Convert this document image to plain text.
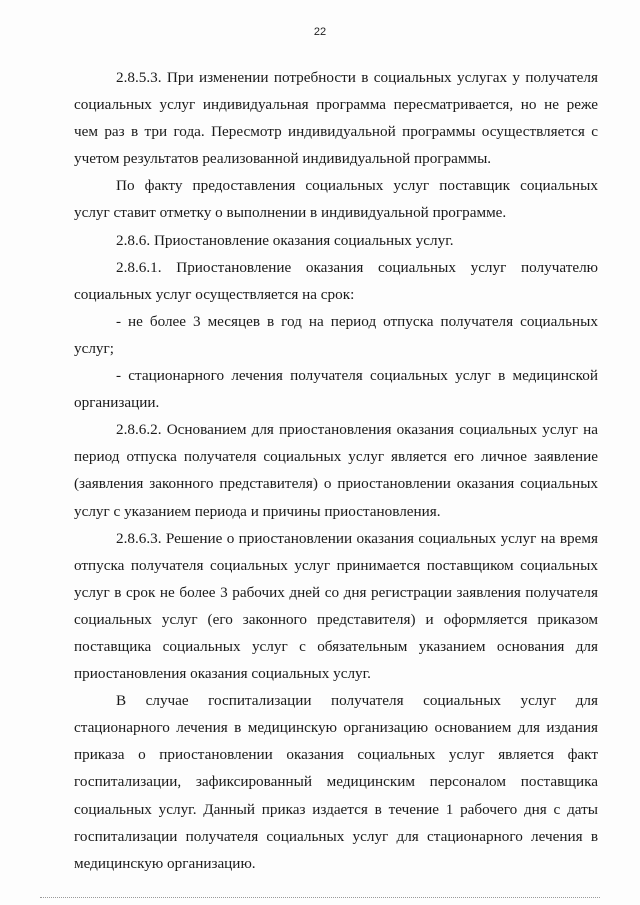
22

2.8.5.3. При изменении потребности в социальных услугах у получателя социальных услуг индивидуальная программа пересматривается, но не реже чем раз в три года. Пересмотр индивидуальной программы осуществляется с учетом результатов реализованной индивидуальной программы.

По факту предоставления социальных услуг поставщик социальных услуг ставит отметку о выполнении в индивидуальной программе.

2.8.6. Приостановление оказания социальных услуг.

2.8.6.1. Приостановление оказания социальных услуг получателю социальных услуг осуществляется на срок:

- не более 3 месяцев в год на период отпуска получателя социальных услуг;

- стационарного лечения получателя социальных услуг в медицинской организации.

2.8.6.2. Основанием для приостановления оказания социальных услуг на период отпуска получателя социальных услуг является его личное заявление (заявления законного представителя) о приостановлении оказания социальных услуг с указанием периода и причины приостановления.

2.8.6.3. Решение о приостановлении оказания социальных услуг на время отпуска получателя социальных услуг принимается поставщиком социальных услуг в срок не более 3 рабочих дней со дня регистрации заявления получателя социальных услуг (его законного представителя) и оформляется приказом поставщика социальных услуг с обязательным указанием основания для приостановления оказания социальных услуг.

В случае госпитализации получателя социальных услуг для стационарного лечения в медицинскую организацию основанием для издания приказа о приостановлении оказания социальных услуг является факт госпитализации, зафиксированный медицинским персоналом поставщика социальных услуг. Данный приказ издается в течение 1 рабочего дня с даты госпитализации получателя социальных услуг для стационарного лечения в медицинскую организацию.
